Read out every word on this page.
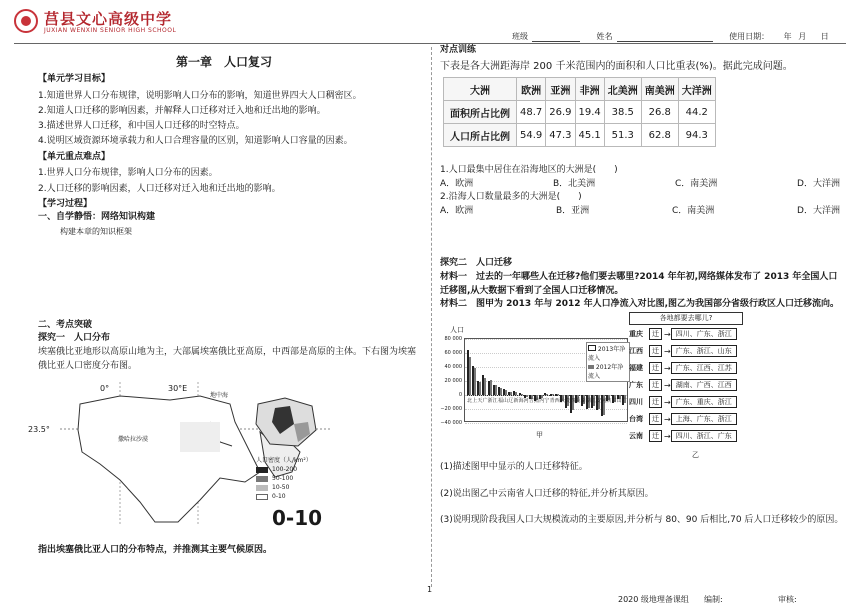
莒县文心高级中学
JUXIAN WENXIN SENIOR HIGH SCHOOL
班级	姓名	使用日期： 年 月 日
第一章　人口复习
【单元学习目标】
1.知道世界人口分布规律，说明影响人口分布的影响，知道世界四大人口稠密区。
2.知道人口迁移的影响因素，并解释人口迁移对迁入地和迁出地的影响。
3.描述世界人口迁移，和中国人口迁移的时空特点。
4.说明区域资源环境承载力和人口合理容量的区别，知道影响人口容量的因素。
【单元重点难点】
1.世界人口分布规律，影响人口分布的因素。
2.人口迁移的影响因素，人口迁移对迁入地和迁出地的影响。
【学习过程】
一、自学静悟：网络知识构建
构建本章的知识框架
二、考点突破
探究一　人口分布
埃塞俄比亚地形以高原山地为主，大部属埃塞俄比亚高原，中西部是高原的主体。下右图为埃塞俄比亚人口密度分布图。
0°	30°E
23.5°
撒哈拉沙漠
地中海
人口密度（人/km²）
100-200
50-100
10-50
0-10
0-10
指出埃塞俄比亚人口的分布特点，并推测其主要气候原因。
对点训练
下表是各大洲距海岸 200 千米范围内的面积和人口比重表(%)。据此完成问题。
大洲	欧洲	亚洲	非洲	北美洲	南美洲	大洋洲
面积所占比例	48.7	26.9	19.4	38.5	26.8	44.2
人口所占比例	54.9	47.3	45.1	51.3	62.8	94.3
1.人口最集中居住在沿海地区的大洲是(　　)
A．欧洲	B．北美洲	C．南美洲	D．大洋洲
2.沿海人口数量最多的大洲是(　　)
A．欧洲	B．亚洲	C．南美洲	D．大洋洲
探究二　人口迁移
材料一　过去的一年哪些人在迁移?他们要去哪里?2014 年年初,网络媒体发布了 2013 年全国人口迁移图,从大数据下看到了全国人口迁移情况。
材料二　图甲为 2013 年与 2012 年人口净流入对比图,图乙为我国部分省级行政区人口迁移流向。
人口
80 000
60 000
40 000
20 000
0
−20 000
−40 000
北 上 天 广 浙 江 福 山 辽 新 海 河 吉 黑 内 宁 青 西 云 贵 四 重 湖 湖 江 安 河 陕 甘 山 广
2013年净流入
2012年净流入
甲
各地都要去哪儿?
重庆	迁 → 四川、广东、浙江
江西	迁 → 广东、浙江、山东
福建	迁 → 广东、江西、江苏
广东	迁 → 湖南、广西、江西
四川	迁 → 广东、重庆、浙江
台湾	迁 → 上海、广东、浙江
云南	迁 → 四川、浙江、广东
乙
(1)描述图甲中显示的人口迁移特征。
(2)说出图乙中云南省人口迁移的特征,并分析其原因。
(3)说明现阶段我国人口大规模流动的主要原因,并分析与 80、90 后相比,70 后人口迁移较少的原因。
1
2020 级地理备课组 编制:	审核:
